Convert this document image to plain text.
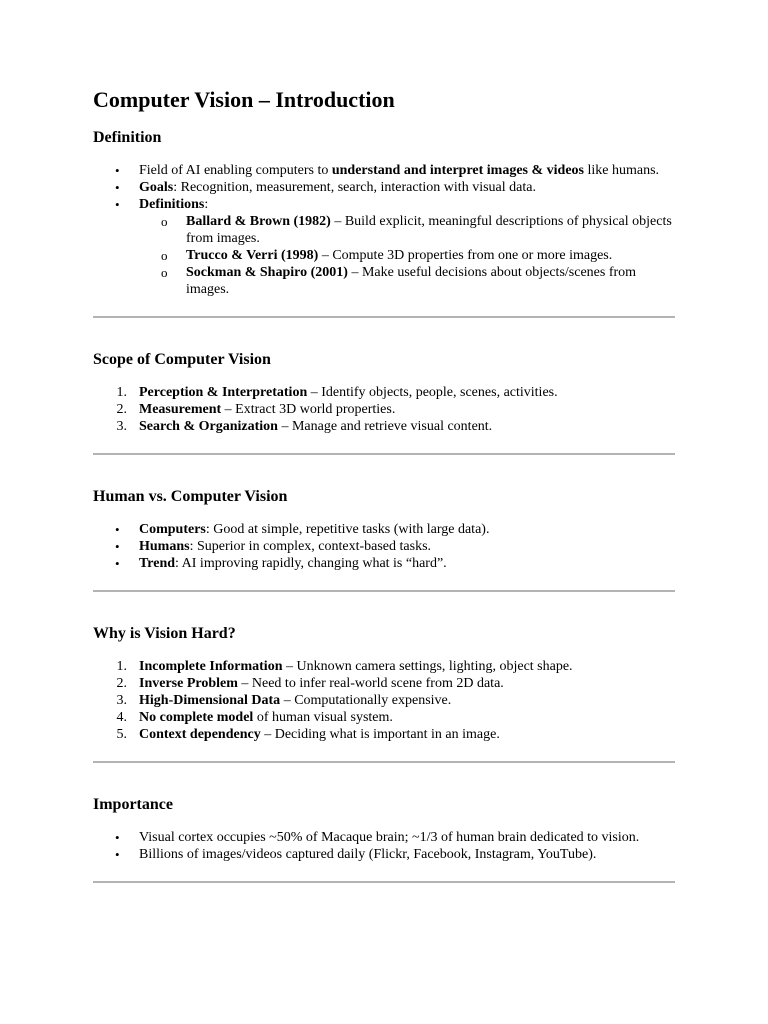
Computer Vision – Introduction
Definition
• Field of AI enabling computers to understand and interpret images & videos like humans.
• Goals: Recognition, measurement, search, interaction with visual data.
• Definitions:
o Ballard & Brown (1982) – Build explicit, meaningful descriptions of physical objects from images.
o Trucco & Verri (1998) – Compute 3D properties from one or more images.
o Sockman & Shapiro (2001) – Make useful decisions about objects/scenes from images.
Scope of Computer Vision
1. Perception & Interpretation – Identify objects, people, scenes, activities.
2. Measurement – Extract 3D world properties.
3. Search & Organization – Manage and retrieve visual content.
Human vs. Computer Vision
• Computers: Good at simple, repetitive tasks (with large data).
• Humans: Superior in complex, context-based tasks.
• Trend: AI improving rapidly, changing what is “hard”.
Why is Vision Hard?
1. Incomplete Information – Unknown camera settings, lighting, object shape.
2. Inverse Problem – Need to infer real-world scene from 2D data.
3. High-Dimensional Data – Computationally expensive.
4. No complete model of human visual system.
5. Context dependency – Deciding what is important in an image.
Importance
• Visual cortex occupies ~50% of Macaque brain; ~1/3 of human brain dedicated to vision.
• Billions of images/videos captured daily (Flickr, Facebook, Instagram, YouTube).
